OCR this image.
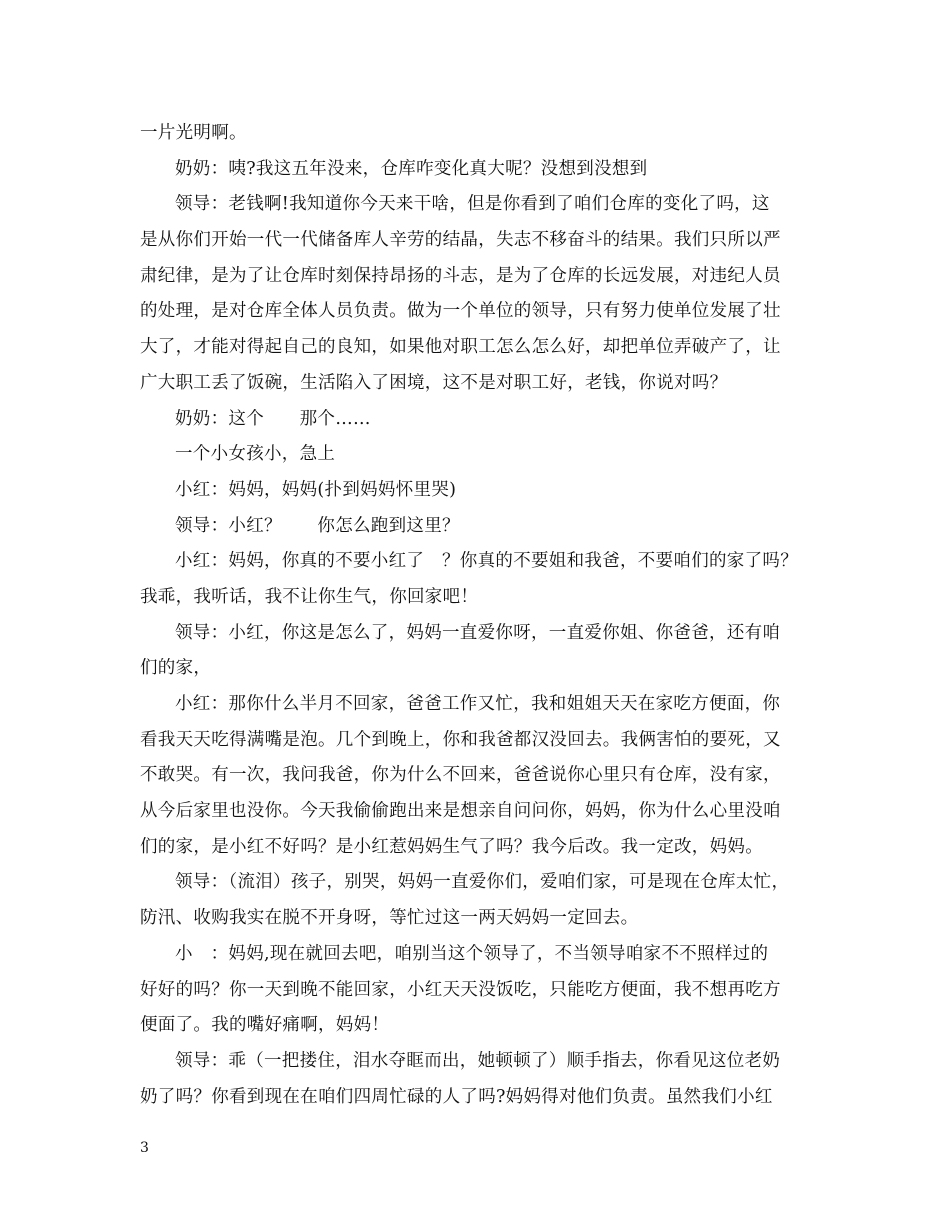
一片光明啊。
奶奶：咦?我这五年没来，仓库咋变化真大呢？没想到没想到
领导：老钱啊!我知道你今天来干啥，但是你看到了咱们仓库的变化了吗，这
是从你们开始一代一代储备库人辛劳的结晶，失志不移奋斗的结果。我们只所以严
肃纪律，是为了让仓库时刻保持昂扬的斗志，是为了仓库的长远发展，对违纪人员
的处理，是对仓库全体人员负责。做为一个单位的领导，只有努力使单位发展了壮
大了，才能对得起自己的良知，如果他对职工怎么怎么好，却把单位弄破产了，让
广大职工丢了饭碗，生活陷入了困境，这不是对职工好，老钱，你说对吗？
奶奶：这个　　那个……
一个小女孩小，急上
小红：妈妈，妈妈(扑到妈妈怀里哭)
领导：小红？　　你怎么跑到这里？
小红：妈妈，你真的不要小红了　？你真的不要姐和我爸，不要咱们的家了吗？
我乖，我听话，我不让你生气，你回家吧！
领导：小红，你这是怎么了，妈妈一直爱你呀，一直爱你姐、你爸爸，还有咱
们的家，
小红：那你什么半月不回家，爸爸工作又忙，我和姐姐天天在家吃方便面，你
看我天天吃得满嘴是泡。几个到晚上，你和我爸都汉没回去。我俩害怕的要死，又
不敢哭。有一次，我问我爸，你为什么不回来，爸爸说你心里只有仓库，没有家，
从今后家里也没你。今天我偷偷跑出来是想亲自问问你，妈妈，你为什么心里没咱
们的家，是小红不好吗？是小红惹妈妈生气了吗？我今后改。我一定改，妈妈。
领导：（流泪）孩子，别哭，妈妈一直爱你们，爱咱们家，可是现在仓库太忙，
防汛、收购我实在脱不开身呀，等忙过这一两天妈妈一定回去。
小　：妈妈,现在就回去吧，咱别当这个领导了，不当领导咱家不不照样过的
好好的吗？你一天到晚不能回家，小红天天没饭吃，只能吃方便面，我不想再吃方
便面了。我的嘴好痛啊，妈妈！
领导：乖（一把搂住，泪水夺眶而出，她顿顿了）顺手指去，你看见这位老奶
奶了吗？你看到现在在咱们四周忙碌的人了吗?妈妈得对他们负责。虽然我们小红
3
